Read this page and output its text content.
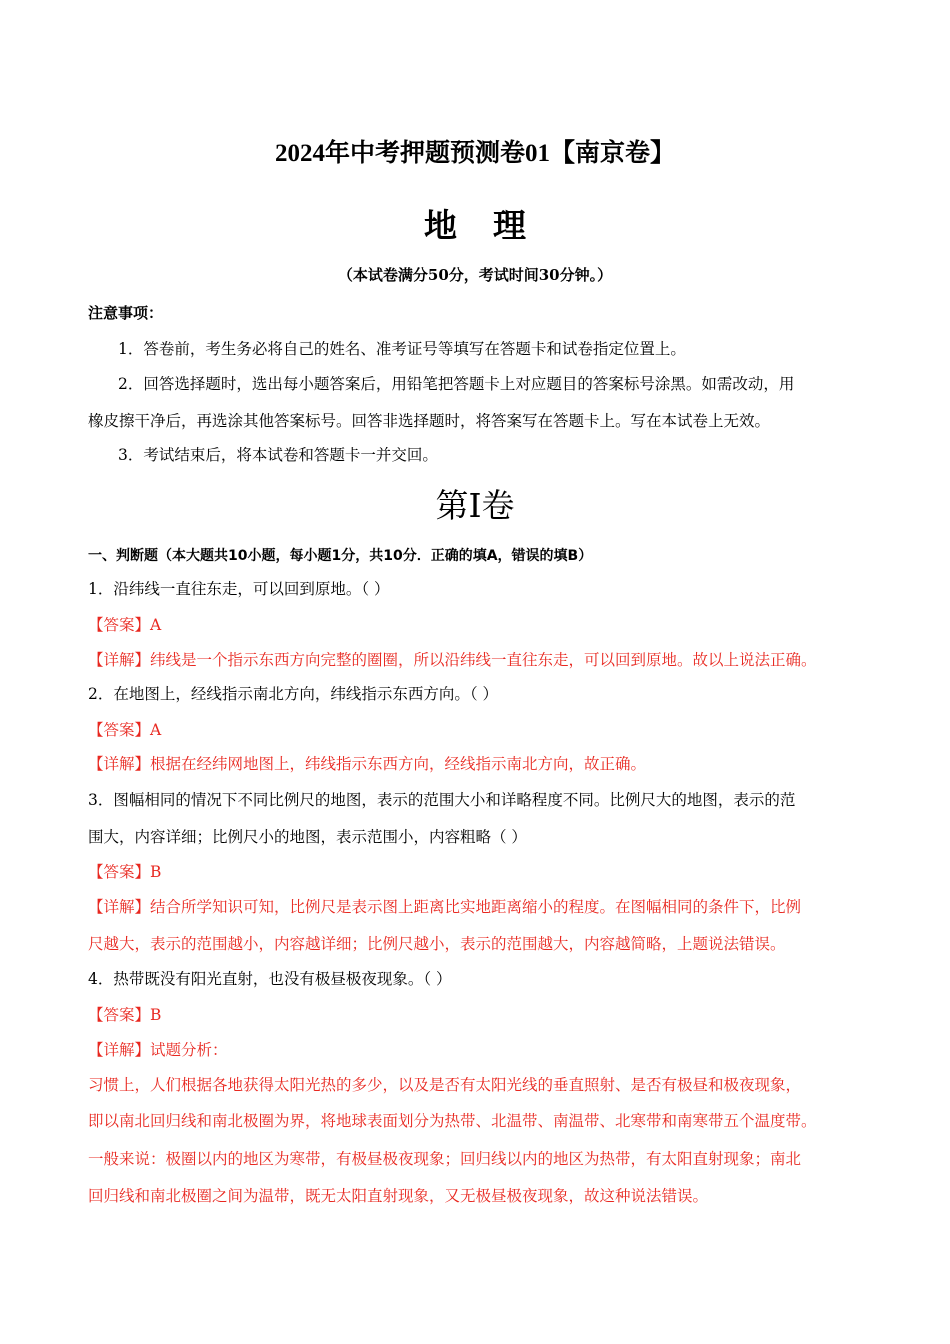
2024年中考押题预测卷01【南京卷】
地理
（本试卷满分50分，考试时间30分钟。）
注意事项：
1．答卷前，考生务必将自己的姓名、准考证号等填写在答题卡和试卷指定位置上。
2．回答选择题时，选出每小题答案后，用铅笔把答题卡上对应题目的答案标号涂黑。如需改动，用
橡皮擦干净后，再选涂其他答案标号。回答非选择题时，将答案写在答题卡上。写在本试卷上无效。
3．考试结束后，将本试卷和答题卡一并交回。
第Ⅰ卷
一、判断题（本大题共10小题，每小题1分，共10分．正确的填A，错误的填B）
1．沿纬线一直往东走，可以回到原地。（ ）
【答案】A
【详解】纬线是一个指示东西方向完整的圈圈，所以沿纬线一直往东走，可以回到原地。故以上说法正确。
2．在地图上，经线指示南北方向，纬线指示东西方向。（ ）
【答案】A
【详解】根据在经纬网地图上，纬线指示东西方向，经线指示南北方向，故正确。
3．图幅相同的情况下不同比例尺的地图，表示的范围大小和详略程度不同。比例尺大的地图，表示的范
围大，内容详细；比例尺小的地图，表示范围小，内容粗略（ ）
【答案】B
【详解】结合所学知识可知，比例尺是表示图上距离比实地距离缩小的程度。在图幅相同的条件下，比例
尺越大，表示的范围越小，内容越详细；比例尺越小，表示的范围越大，内容越简略，上题说法错误。
4．热带既没有阳光直射，也没有极昼极夜现象。（ ）
【答案】B
【详解】试题分析：
习惯上，人们根据各地获得太阳光热的多少，以及是否有太阳光线的垂直照射、是否有极昼和极夜现象，
即以南北回归线和南北极圈为界，将地球表面划分为热带、北温带、南温带、北寒带和南寒带五个温度带。
一般来说：极圈以内的地区为寒带，有极昼极夜现象；回归线以内的地区为热带，有太阳直射现象；南北
回归线和南北极圈之间为温带，既无太阳直射现象，又无极昼极夜现象，故这种说法错误。
